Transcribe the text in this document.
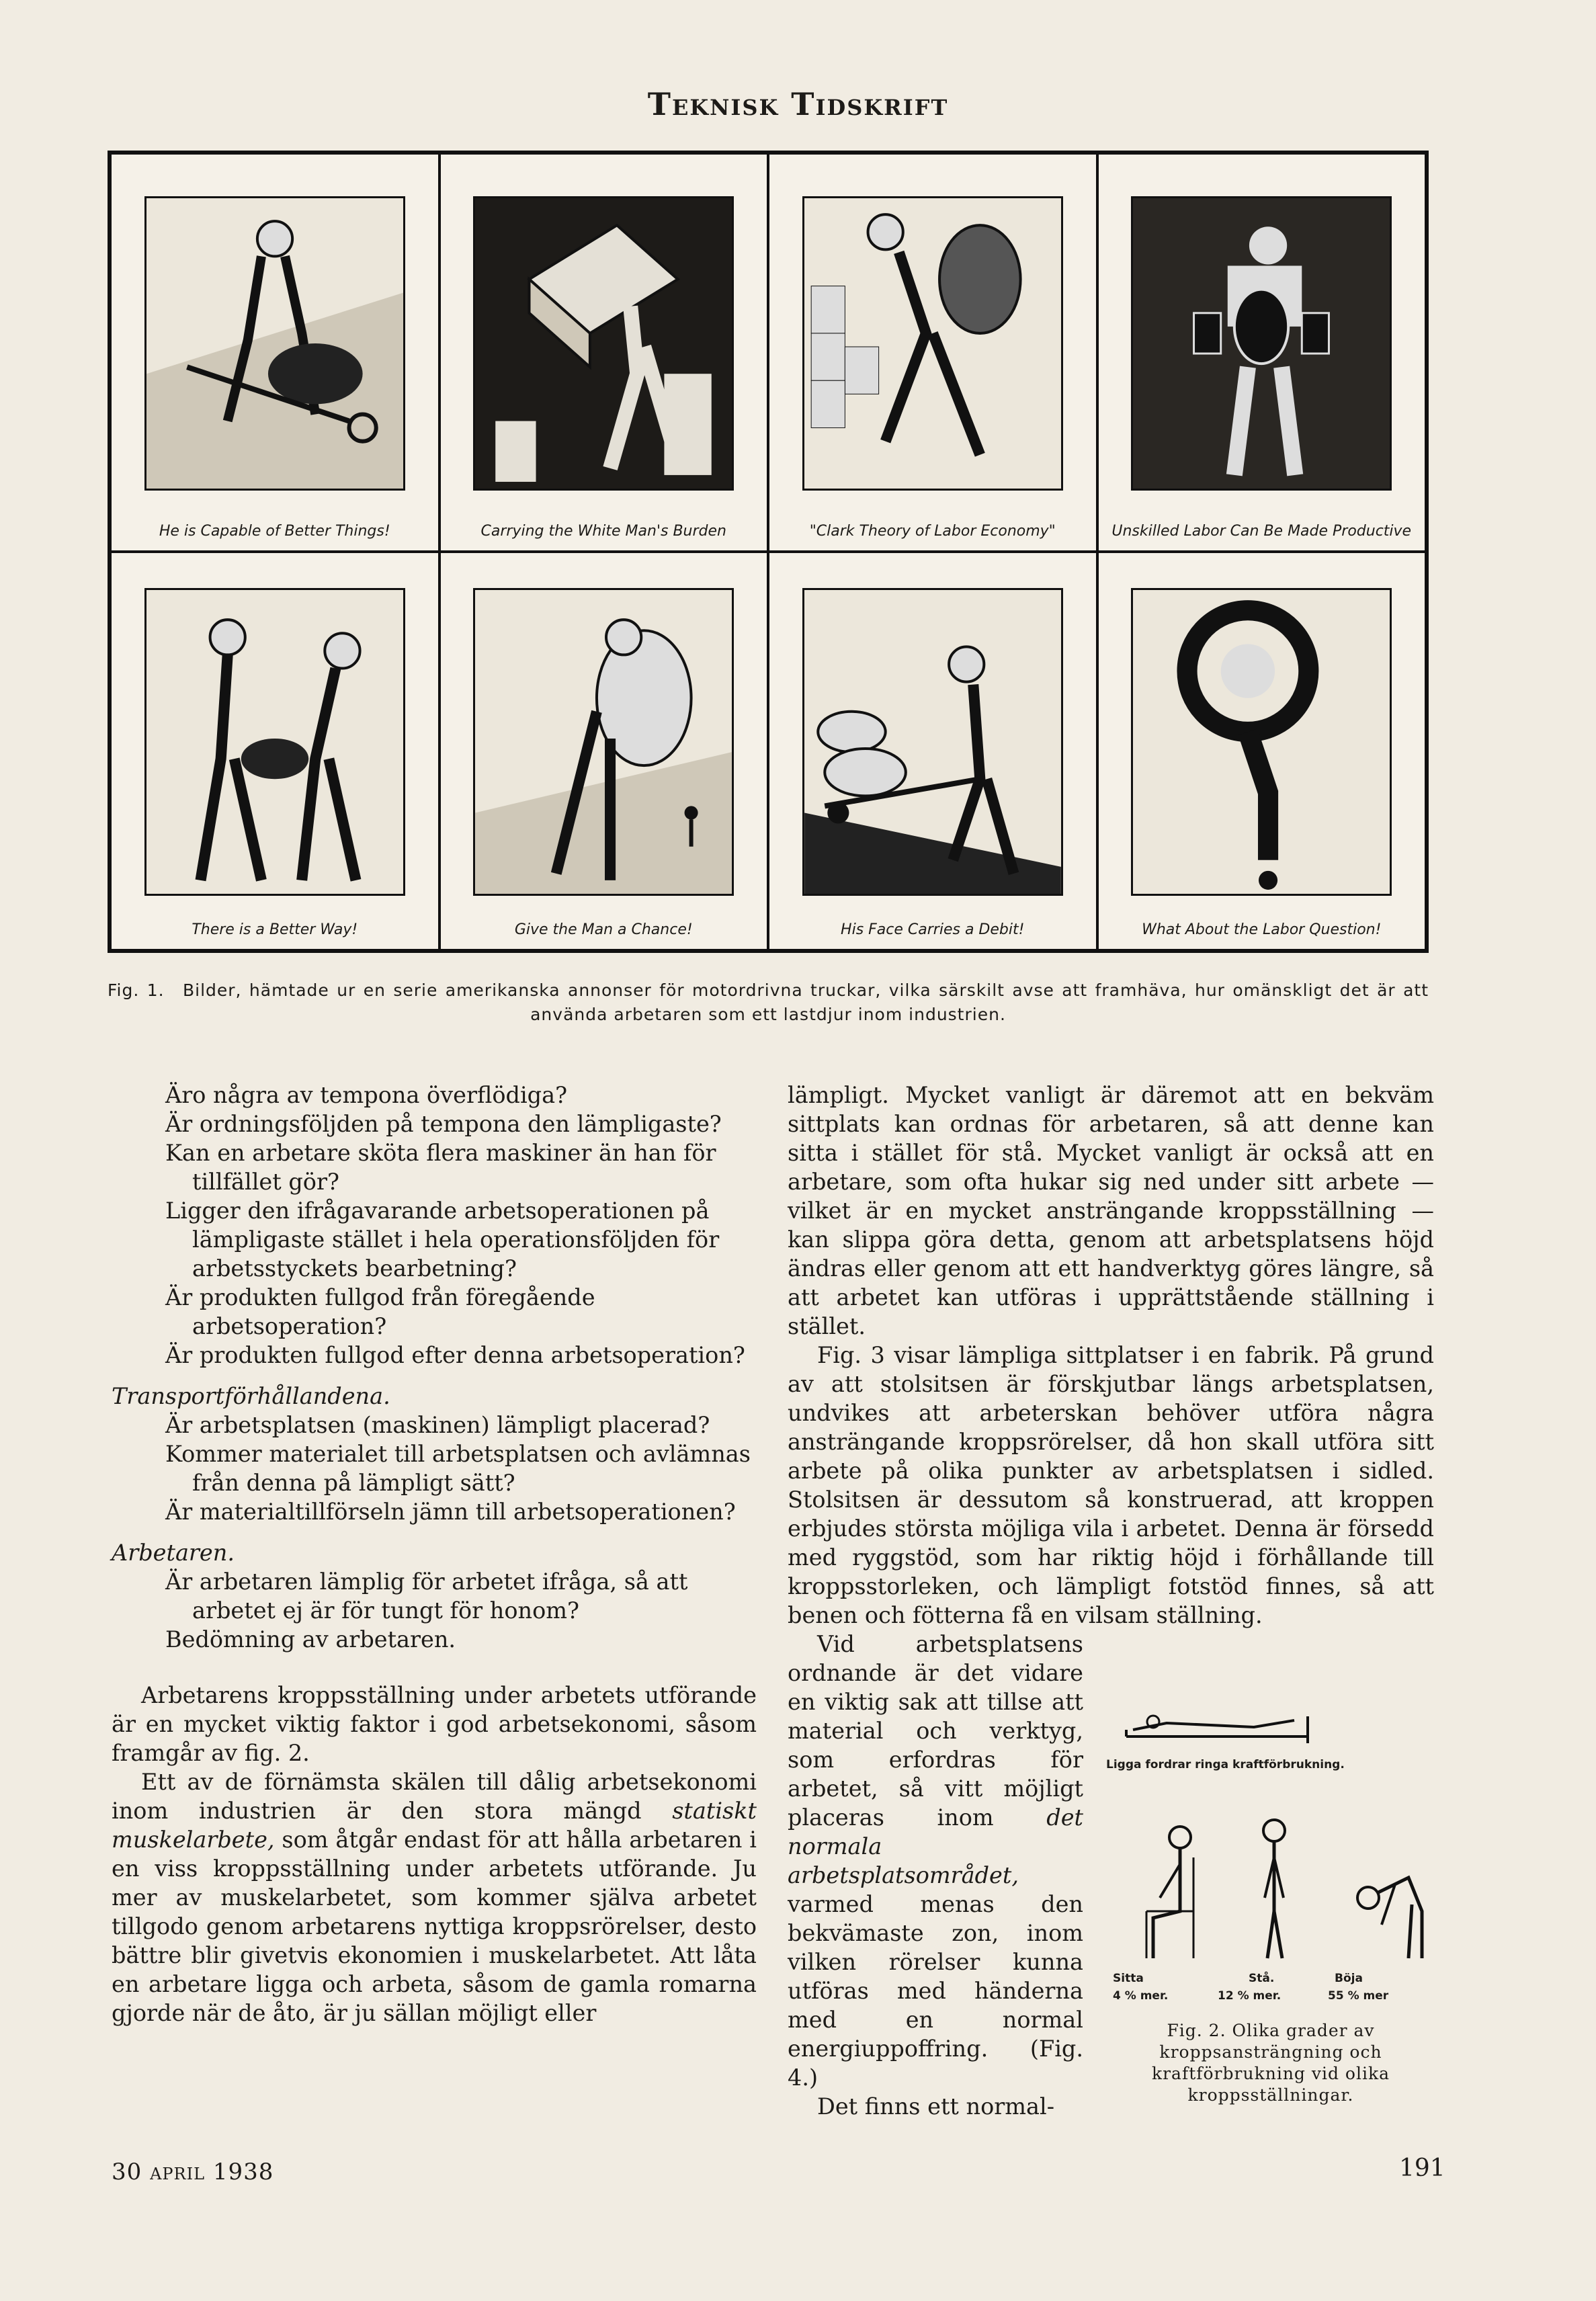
Teknisk Tidskrift
He is Capable of Better Things!	Carrying the White Man's Burden	"Clark Theory of Labor Economy"	Unskilled Labor Can Be Made Productive
There is a Better Way!	Give the Man a Chance!	His Face Carries a Debit!	What About the Labor Question!
Fig. 1. Bilder, hämtade ur en serie amerikanska annonser för motordrivna truckar, vilka särskilt avse att framhäva, hur omänskligt det är att använda arbetaren som ett lastdjur inom industrien.

Äro några av tempona överflödiga?

Är ordningsföljden på tempona den lämpligaste?

Kan en arbetare sköta flera maskiner än han för tillfället gör?

Ligger den ifrågavarande arbetsoperationen på lämpligaste stället i hela operationsföljden för arbetsstyckets bearbetning?

Är produkten fullgod från föregående arbetsoperation?

Är produkten fullgod efter denna arbetsoperation?

Transportförhållandena.

Är arbetsplatsen (maskinen) lämpligt placerad?

Kommer materialet till arbetsplatsen och avlämnas från denna på lämpligt sätt?

Är materialtillförseln jämn till arbetsoperationen?

Arbetaren.

Är arbetaren lämplig för arbetet ifråga, så att arbetet ej är för tungt för honom?

Bedömning av arbetaren.

Arbetarens kroppsställning under arbetets utförande är en mycket viktig faktor i god arbetsekonomi, såsom framgår av fig. 2.

Ett av de förnämsta skälen till dålig arbetsekonomi inom industrien är den stora mängd statiskt muskelarbete, som åtgår endast för att hålla arbetaren i en viss kroppsställning under arbetets utförande. Ju mer av muskelarbetet, som kommer själva arbetet tillgodo genom arbetarens nyttiga kroppsrörelser, desto bättre blir givetvis ekonomien i muskelarbetet. Att låta en arbetare ligga och arbeta, såsom de gamla romarna gjorde när de åto, är ju sällan möjligt eller

lämpligt. Mycket vanligt är däremot att en bekväm sittplats kan ordnas för arbetaren, så att denne kan sitta i stället för stå. Mycket vanligt är också att en arbetare, som ofta hukar sig ned under sitt arbete — vilket är en mycket ansträngande kroppsställning — kan slippa göra detta, genom att arbetsplatsens höjd ändras eller genom att ett handverktyg göres längre, så att arbetet kan utföras i upprättstående ställning i stället.

Fig. 3 visar lämpliga sittplatser i en fabrik. På grund av att stolsitsen är förskjutbar längs arbetsplatsen, undvikes att arbeterskan behöver utföra några ansträngande kroppsrörelser, då hon skall utföra sitt arbete på olika punkter av arbetsplatsen i sidled. Stolsitsen är dessutom så konstruerad, att kroppen erbjudes största möjliga vila i arbetet. Denna är försedd med ryggstöd, som har riktig höjd i förhållande till kroppsstorleken, och lämpligt fotstöd finnes, så att benen och fötterna få en vilsam ställning.

Vid arbetsplatsens ordnande är det vidare en viktig sak att tillse att material och verktyg, som erfordras för arbetet, så vitt möjligt placeras inom det normala arbetsplatsområdet, varmed menas den bekvämaste zon, inom vilken rörelser kunna utföras med händerna med en normal energiuppoffring. (Fig. 4.)

Det finns ett normal-

Ligga fordrar ringa kraftförbrukning.
Sitta
4 % mer.
Stå.
12 % mer.
Böja
55 % mer
Fig. 2. Olika grader av kroppsansträngning och kraftförbrukning vid olika kroppsställningar.
30 april 1938	191
